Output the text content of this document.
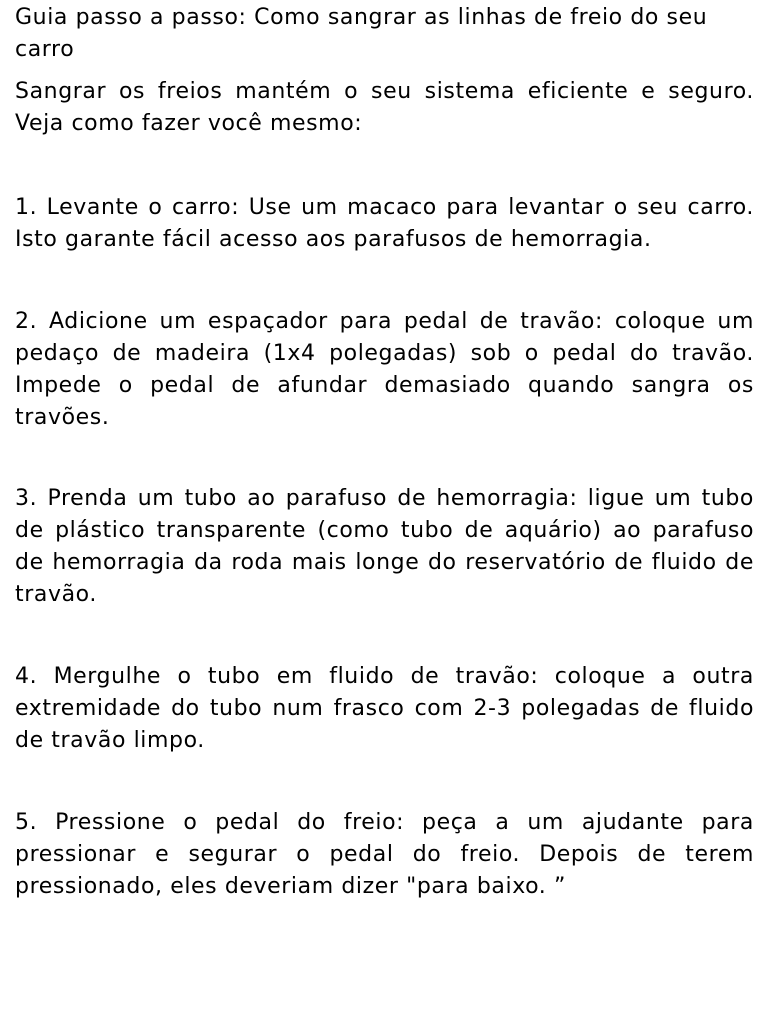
Guia passo a passo: Como sangrar as linhas de freio do seu carro

Sangrar os freios mantém o seu sistema eficiente e seguro. Veja como fazer você mesmo:

1. Levante o carro: Use um macaco para levantar o seu carro. Isto garante fácil acesso aos parafusos de hemorragia.

2. Adicione um espaçador para pedal de travão: coloque um pedaço de madeira (1x4 polegadas) sob o pedal do travão. Impede o pedal de afundar demasiado quando sangra os travões.

3. Prenda um tubo ao parafuso de hemorragia: ligue um tubo de plástico transparente (como tubo de aquário) ao parafuso de hemorragia da roda mais longe do reservatório de fluido de travão.

4. Mergulhe o tubo em fluido de travão: coloque a outra extremidade do tubo num frasco com 2-3 polegadas de fluido de travão limpo.

5. Pressione o pedal do freio: peça a um ajudante para pressionar e segurar o pedal do freio. Depois de terem pressionado, eles deveriam dizer "para baixo. ”
